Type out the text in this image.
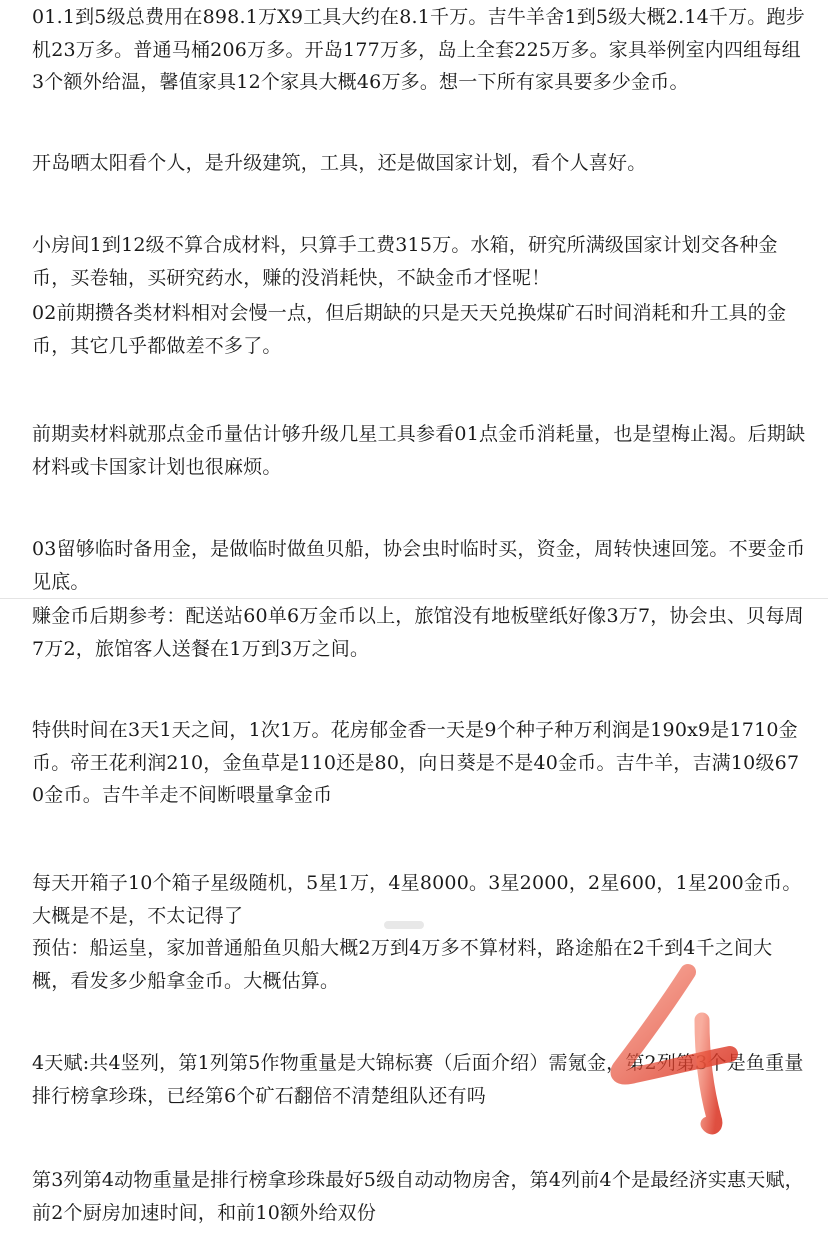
01.1到5级总费用在898.1万X9工具大约在8.1千万。吉牛羊舍1到5级大概2.14千万。跑步机23万多。普通马桶206万多。开岛177万多，岛上全套225万多。家具举例室内四组每组3个额外给温，馨值家具12个家具大概46万多。想一下所有家具要多少金币。

开岛晒太阳看个人，是升级建筑，工具，还是做国家计划，看个人喜好。

小房间1到12级不算合成材料，只算手工费315万。水箱，研究所满级国家计划交各种金币，买卷轴，买研究药水，赚的没消耗快，不缺金币才怪呢！

02前期攒各类材料相对会慢一点，但后期缺的只是天天兑换煤矿石时间消耗和升工具的金币，其它几乎都做差不多了。

前期卖材料就那点金币量估计够升级几星工具参看01点金币消耗量，也是望梅止渴。后期缺材料或卡国家计划也很麻烦。

03留够临时备用金，是做临时做鱼贝船，协会虫时临时买，资金，周转快速回笼。不要金币见底。

赚金币后期参考：配送站60单6万金币以上，旅馆没有地板壁纸好像3万7，协会虫、贝每周7万2，旅馆客人送餐在1万到3万之间。

特供时间在3天1天之间，1次1万。花房郁金香一天是9个种子种万利润是190x9是1710金币。帝王花利润210，金鱼草是110还是80，向日葵是不是40金币。吉牛羊，吉满10级670金币。吉牛羊走不间断喂量拿金币

每天开箱子10个箱子星级随机，5星1万，4星8000。3星2000，2星600，1星200金币。大概是不是，不太记得了

预估：船运皇，家加普通船鱼贝船大概2万到4万多不算材料，路途船在2千到4千之间大概，看发多少船拿金币。大概估算。

4天赋:共4竖列，第1列第5作物重量是大锦标赛（后面介绍）需氪金，第2列第3个是鱼重量排行榜拿珍珠，已经第6个矿石翻倍不清楚组队还有吗

第3列第4动物重量是排行榜拿珍珠最好5级自动动物房舍，第4列前4个是最经济实惠天赋，前2个厨房加速时间，和前10额外给双份
